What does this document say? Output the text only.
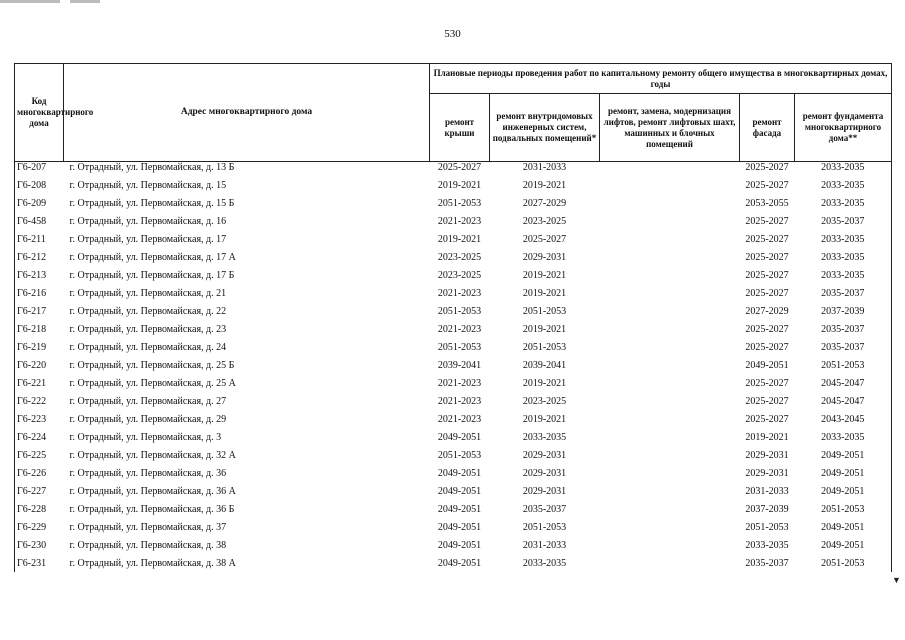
530
Код многоквартирного дома	Адрес многоквартирного дома	Плановые периоды проведения работ по капитальному ремонту общего имущества в многоквартирных домах, годы				
		ремонт крыши	ремонт внутридомовых инженерных систем, подвальных помещений*	ремонт, замена, модернизация лифтов, ремонт лифтовых шахт, машинных и блочных помещений	ремонт фасада	ремонт фундамента многоквартирного дома**
Г6-207	г. Отрадный, ул. Первомайская, д. 13 Б	2025-2027	2031-2033		2025-2027	2033-2035
Г6-208	г. Отрадный, ул. Первомайская, д. 15	2019-2021	2019-2021		2025-2027	2033-2035
Г6-209	г. Отрадный, ул. Первомайская, д. 15 Б	2051-2053	2027-2029		2053-2055	2033-2035
Г6-458	г. Отрадный, ул. Первомайская, д. 16	2021-2023	2023-2025		2025-2027	2035-2037
Г6-211	г. Отрадный, ул. Первомайская, д. 17	2019-2021	2025-2027		2025-2027	2033-2035
Г6-212	г. Отрадный, ул. Первомайская, д. 17 А	2023-2025	2029-2031		2025-2027	2033-2035
Г6-213	г. Отрадный, ул. Первомайская, д. 17 Б	2023-2025	2019-2021		2025-2027	2033-2035
Г6-216	г. Отрадный, ул. Первомайская, д. 21	2021-2023	2019-2021		2025-2027	2035-2037
Г6-217	г. Отрадный, ул. Первомайская, д. 22	2051-2053	2051-2053		2027-2029	2037-2039
Г6-218	г. Отрадный, ул. Первомайская, д. 23	2021-2023	2019-2021		2025-2027	2035-2037
Г6-219	г. Отрадный, ул. Первомайская, д. 24	2051-2053	2051-2053		2025-2027	2035-2037
Г6-220	г. Отрадный, ул. Первомайская, д. 25 Б	2039-2041	2039-2041		2049-2051	2051-2053
Г6-221	г. Отрадный, ул. Первомайская, д. 25 А	2021-2023	2019-2021		2025-2027	2045-2047
Г6-222	г. Отрадный, ул. Первомайская, д. 27	2021-2023	2023-2025		2025-2027	2045-2047
Г6-223	г. Отрадный, ул. Первомайская, д. 29	2021-2023	2019-2021		2025-2027	2043-2045
Г6-224	г. Отрадный, ул. Первомайская, д. 3	2049-2051	2033-2035		2019-2021	2033-2035
Г6-225	г. Отрадный, ул. Первомайская, д. 32 А	2051-2053	2029-2031		2029-2031	2049-2051
Г6-226	г. Отрадный, ул. Первомайская, д. 36	2049-2051	2029-2031		2029-2031	2049-2051
Г6-227	г. Отрадный, ул. Первомайская, д. 36 А	2049-2051	2029-2031		2031-2033	2049-2051
Г6-228	г. Отрадный, ул. Первомайская, д. 36 Б	2049-2051	2035-2037		2037-2039	2051-2053
Г6-229	г. Отрадный, ул. Первомайская, д. 37	2049-2051	2051-2053		2051-2053	2049-2051
Г6-230	г. Отрадный, ул. Первомайская, д. 38	2049-2051	2031-2033		2033-2035	2049-2051
Г6-231	г. Отрадный, ул. Первомайская, д. 38 А	2049-2051	2033-2035		2035-2037	2051-2053
▼
